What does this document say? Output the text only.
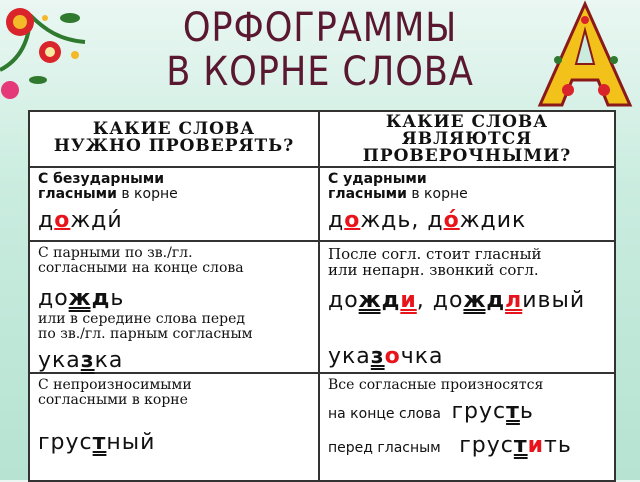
ОРФОГРАММЫ
В КОРНЕ СЛОВА
КАКИЕ СЛОВА
НУЖНО ПРОВЕРЯТЬ?
КАКИЕ СЛОВА
ЯВЛЯЮТСЯ
ПРОВЕРОЧНЫМИ?
С безударными
гласными в корне
дожди́
С ударными
гласными в корне
дождь, до́ждик
С парными по зв./гл.
согласными на конце слова
дождь
или в середине слова перед
по зв./гл. парным согласным
указка
После согл. стоит гласный
или непарн. звонкий согл.
дожди, дождливый
указочка
С непроизносимыми
согласными в корне
грустный
Все согласные произносятся
на конце слова грусть
перед гласным грустить
